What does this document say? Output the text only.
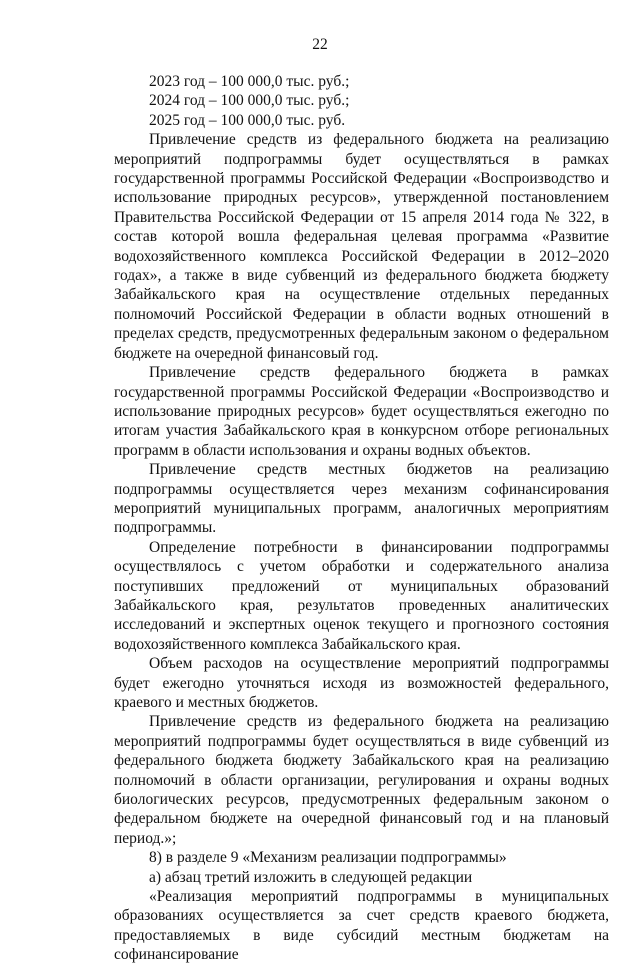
22

2023 год – 100 000,0 тыс. руб.;

2024 год – 100 000,0 тыс. руб.;

2025 год – 100 000,0 тыс. руб.

Привлечение средств из федерального бюджета на реализацию мероприятий подпрограммы будет осуществляться в рамках государственной программы Российской Федерации «Воспроизводство и использование природных ресурсов», утвержденной постановлением Правительства Российской Федерации от 15 апреля 2014 года № 322, в состав которой вошла федеральная целевая программа «Развитие водохозяйственного комплекса Российской Федерации в 2012–2020 годах», а также в виде субвенций из федерального бюджета бюджету Забайкальского края на осуществление отдельных переданных полномочий Российской Федерации в области водных отношений в пределах средств, предусмотренных федеральным законом о федеральном бюджете на очередной финансовый год.

Привлечение средств федерального бюджета в рамках государственной программы Российской Федерации «Воспроизводство и использование природных ресурсов» будет осуществляться ежегодно по итогам участия Забайкальского края в конкурсном отборе региональных программ в области использования и охраны водных объектов.

Привлечение средств местных бюджетов на реализацию подпрограммы осуществляется через механизм софинансирования мероприятий муниципальных программ, аналогичных мероприятиям подпрограммы.

Определение потребности в финансировании подпрограммы осуществлялось с учетом обработки и содержательного анализа поступивших предложений от муниципальных образований Забайкальского края, результатов проведенных аналитических исследований и экспертных оценок текущего и прогнозного состояния водохозяйственного комплекса Забайкальского края.

Объем расходов на осуществление мероприятий подпрограммы будет ежегодно уточняться исходя из возможностей федерального, краевого и местных бюджетов.

Привлечение средств из федерального бюджета на реализацию мероприятий подпрограммы будет осуществляться в виде субвенций из федерального бюджета бюджету Забайкальского края на реализацию полномочий в области организации, регулирования и охраны водных биологических ресурсов, предусмотренных федеральным законом о федеральном бюджете на очередной финансовый год и на плановый период.»;

8) в разделе 9 «Механизм реализации подпрограммы»

а) абзац третий изложить в следующей редакции

«Реализация мероприятий подпрограммы в муниципальных образованиях осуществляется за счет средств краевого бюджета, предоставляемых в виде субсидий местным бюджетам на софинансирование
